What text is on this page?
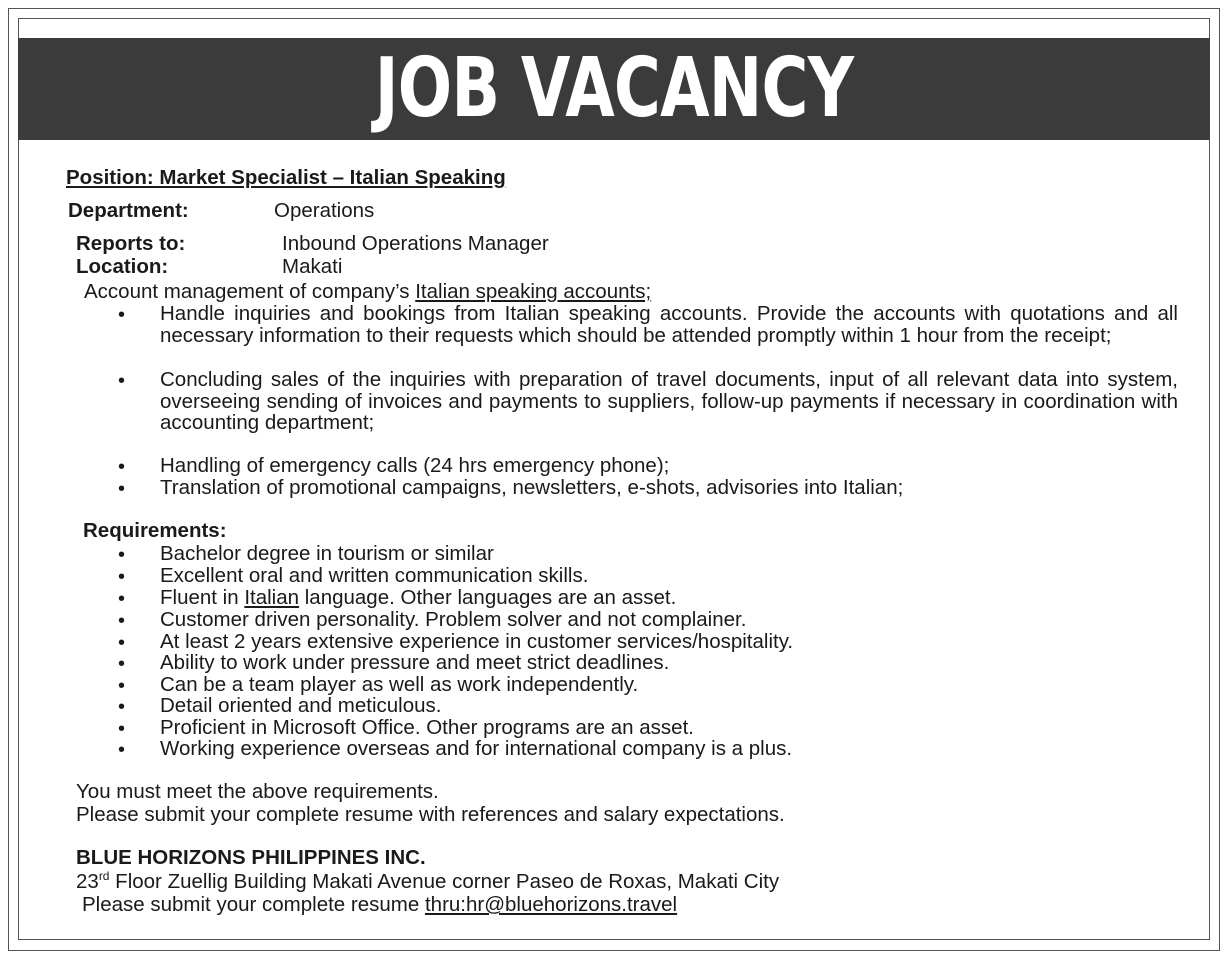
JOB VACANCY
Position: Market Specialist – Italian Speaking
Department:	Operations
Reports to:	Inbound Operations Manager
Location:	Makati
Account management of company’s Italian speaking accounts;
• Handle inquiries and bookings from Italian speaking accounts. Provide the accounts with quotations and all necessary information to their requests which should be attended promptly within 1 hour from the receipt;
• Concluding sales of the inquiries with preparation of travel documents, input of all relevant data into system, overseeing sending of invoices and payments to suppliers, follow-up payments if necessary in coordination with accounting department;
• Handling of emergency calls (24 hrs emergency phone);
• Translation of promotional campaigns, newsletters, e-shots, advisories into Italian;
Requirements:
• Bachelor degree in tourism or similar
• Excellent oral and written communication skills.
• Fluent in Italian language. Other languages are an asset.
• Customer driven personality. Problem solver and not complainer.
• At least 2 years extensive experience in customer services/hospitality.
• Ability to work under pressure and meet strict deadlines.
• Can be a team player as well as work independently.
• Detail oriented and meticulous.
• Proficient in Microsoft Office. Other programs are an asset.
• Working experience overseas and for international company is a plus.
You must meet the above requirements.
Please submit your complete resume with references and salary expectations.
BLUE HORIZONS PHILIPPINES INC.
23rd Floor Zuellig Building Makati Avenue corner Paseo de Roxas, Makati City
Please submit your complete resume thru:hr@bluehorizons.travel
